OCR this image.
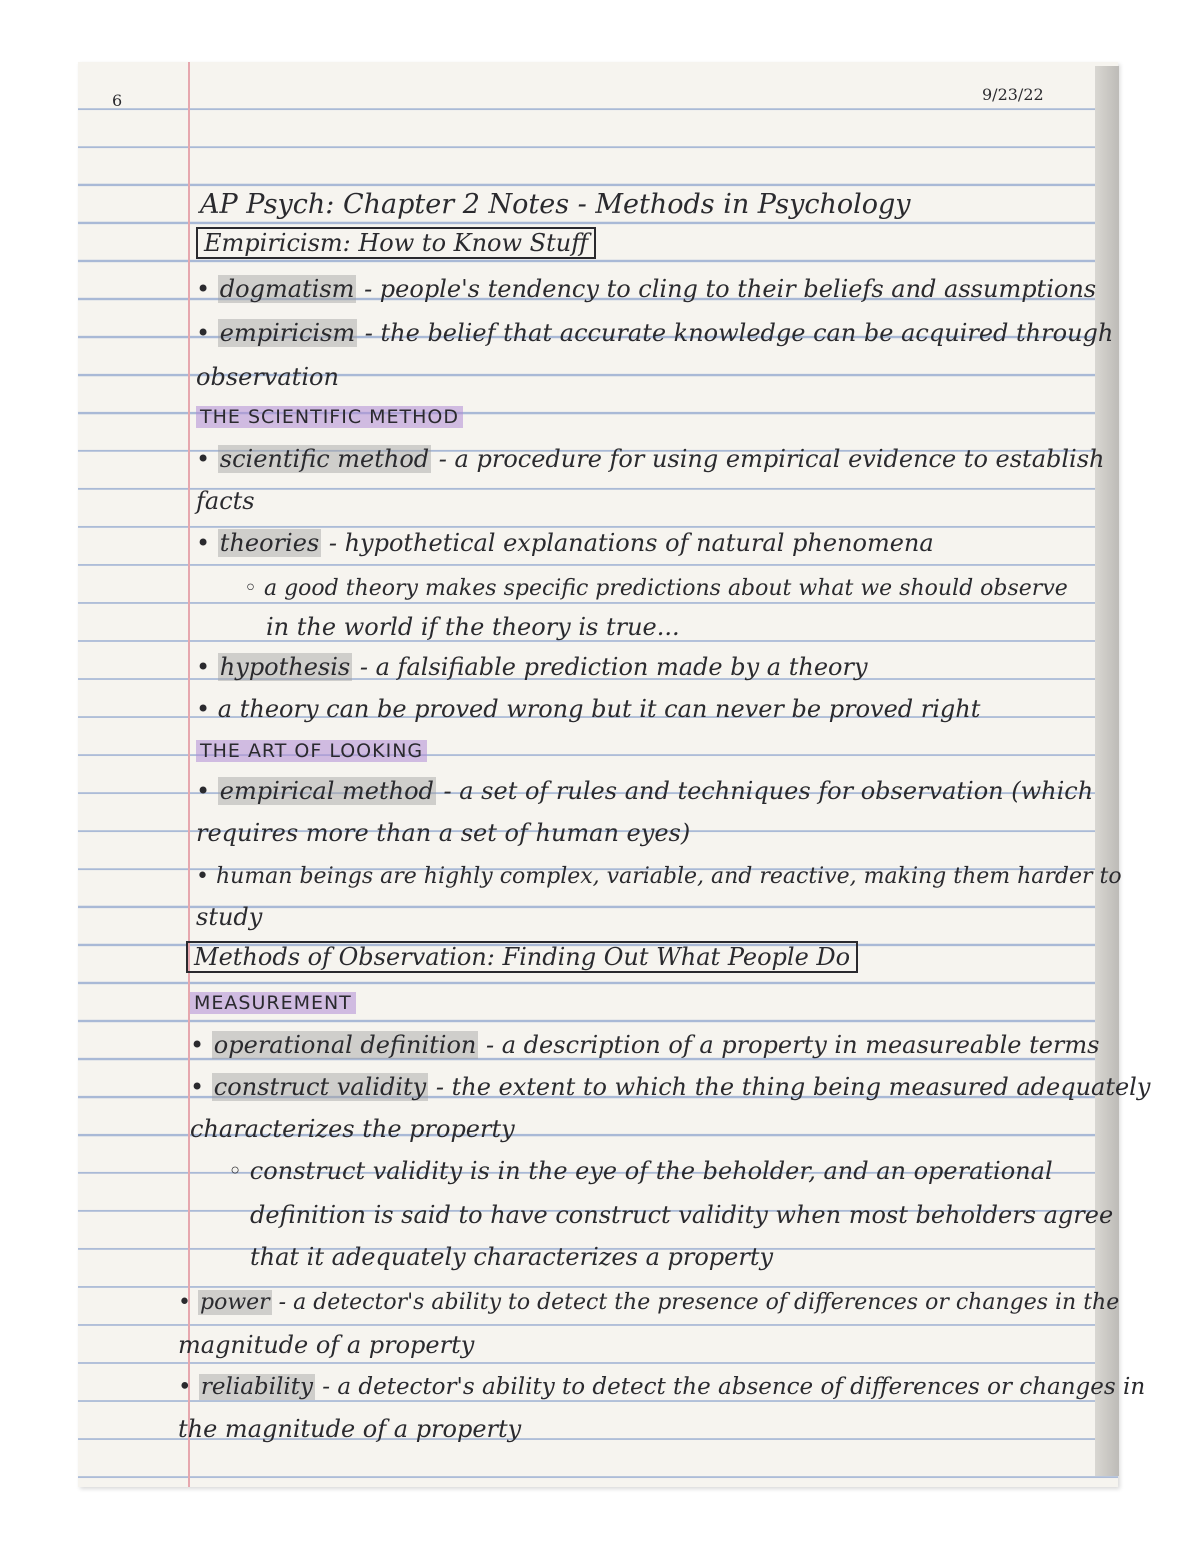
6	9/23/22
AP Psych: Chapter 2 Notes - Methods in Psychology
Empiricism: How to Know Stuff
• dogmatism - people's tendency to cling to their beliefs and assumptions
• empiricism - the belief that accurate knowledge can be acquired through
observation
THE SCIENTIFIC METHOD
• scientific method - a procedure for using empirical evidence to establish
facts
• theories - hypothetical explanations of natural phenomena
◦ a good theory makes specific predictions about what we should observe
in the world if the theory is true...
• hypothesis - a falsifiable prediction made by a theory
• a theory can be proved wrong but it can never be proved right
THE ART OF LOOKING
• empirical method - a set of rules and techniques for observation (which
requires more than a set of human eyes)
• human beings are highly complex, variable, and reactive, making them harder to
study
Methods of Observation: Finding Out What People Do
MEASUREMENT
• operational definition - a description of a property in measureable terms
• construct validity - the extent to which the thing being measured adequately
characterizes the property
◦ construct validity is in the eye of the beholder, and an operational
definition is said to have construct validity when most beholders agree
that it adequately characterizes a property
• power - a detector's ability to detect the presence of differences or changes in the
magnitude of a property
• reliability - a detector's ability to detect the absence of differences or changes in
the magnitude of a property
